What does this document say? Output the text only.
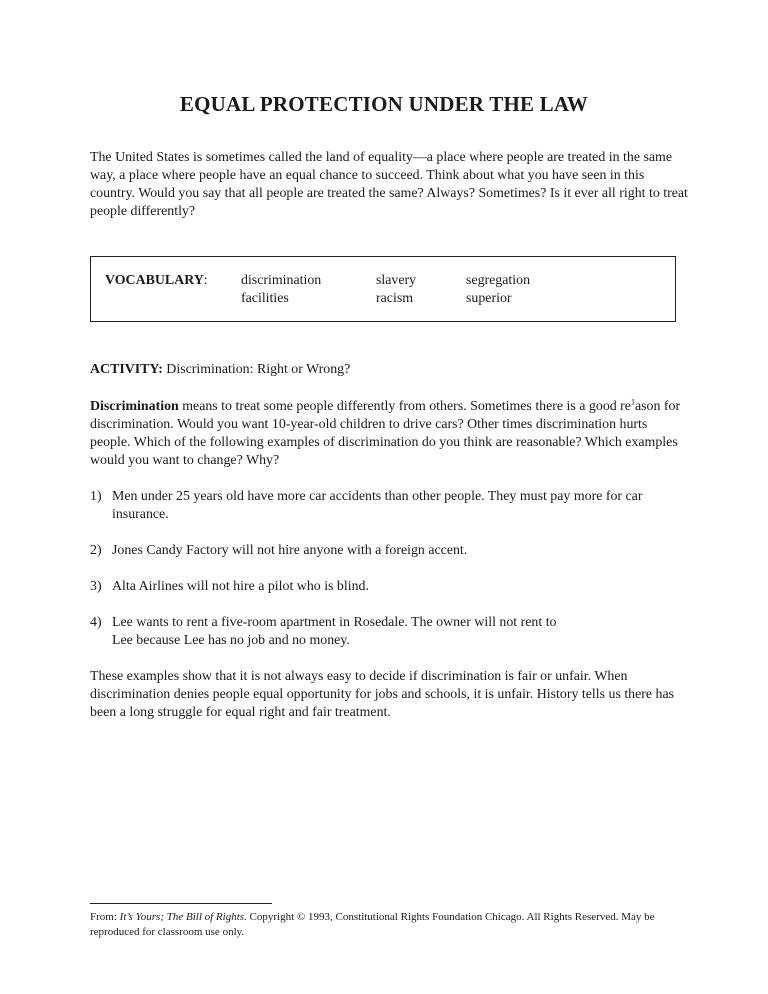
EQUAL PROTECTION UNDER THE LAW

The United States is sometimes called the land of equality—a place where people are treated in the same way, a place where people have an equal chance to succeed. Think about what you have seen in this country. Would you say that all people are treated the same? Always? Sometimes? Is it ever all right to treat people differently?

VOCABULARY: discrimination	slavery	segregation
facilities	racism	superior

ACTIVITY: Discrimination: Right or Wrong?

Discrimination means to treat some people differently from others. Sometimes there is a good $re^1ason$ for discrimination. Would you want 10-year-old children to drive cars? Other times discrimination hurts people. Which of the following examples of discrimination do you think are reasonable? Which examples would you want to change? Why?

1) Men under 25 years old have more car accidents than other people. They must pay more for car insurance.
2) Jones Candy Factory will not hire anyone with a foreign accent.
3) Alta Airlines will not hire a pilot who is blind.
4) Lee wants to rent a five-room apartment in Rosedale. The owner will not rent to Lee because Lee has no job and no money.

These examples show that it is not always easy to decide if discrimination is fair or unfair. When discrimination denies people equal opportunity for jobs and schools, it is unfair. History tells us there has been a long struggle for equal right and fair treatment.

From: It’s Yours; The Bill of Rights. Copyright © 1993, Constitutional Rights Foundation Chicago. All Rights Reserved. May be reproduced for classroom use only.
